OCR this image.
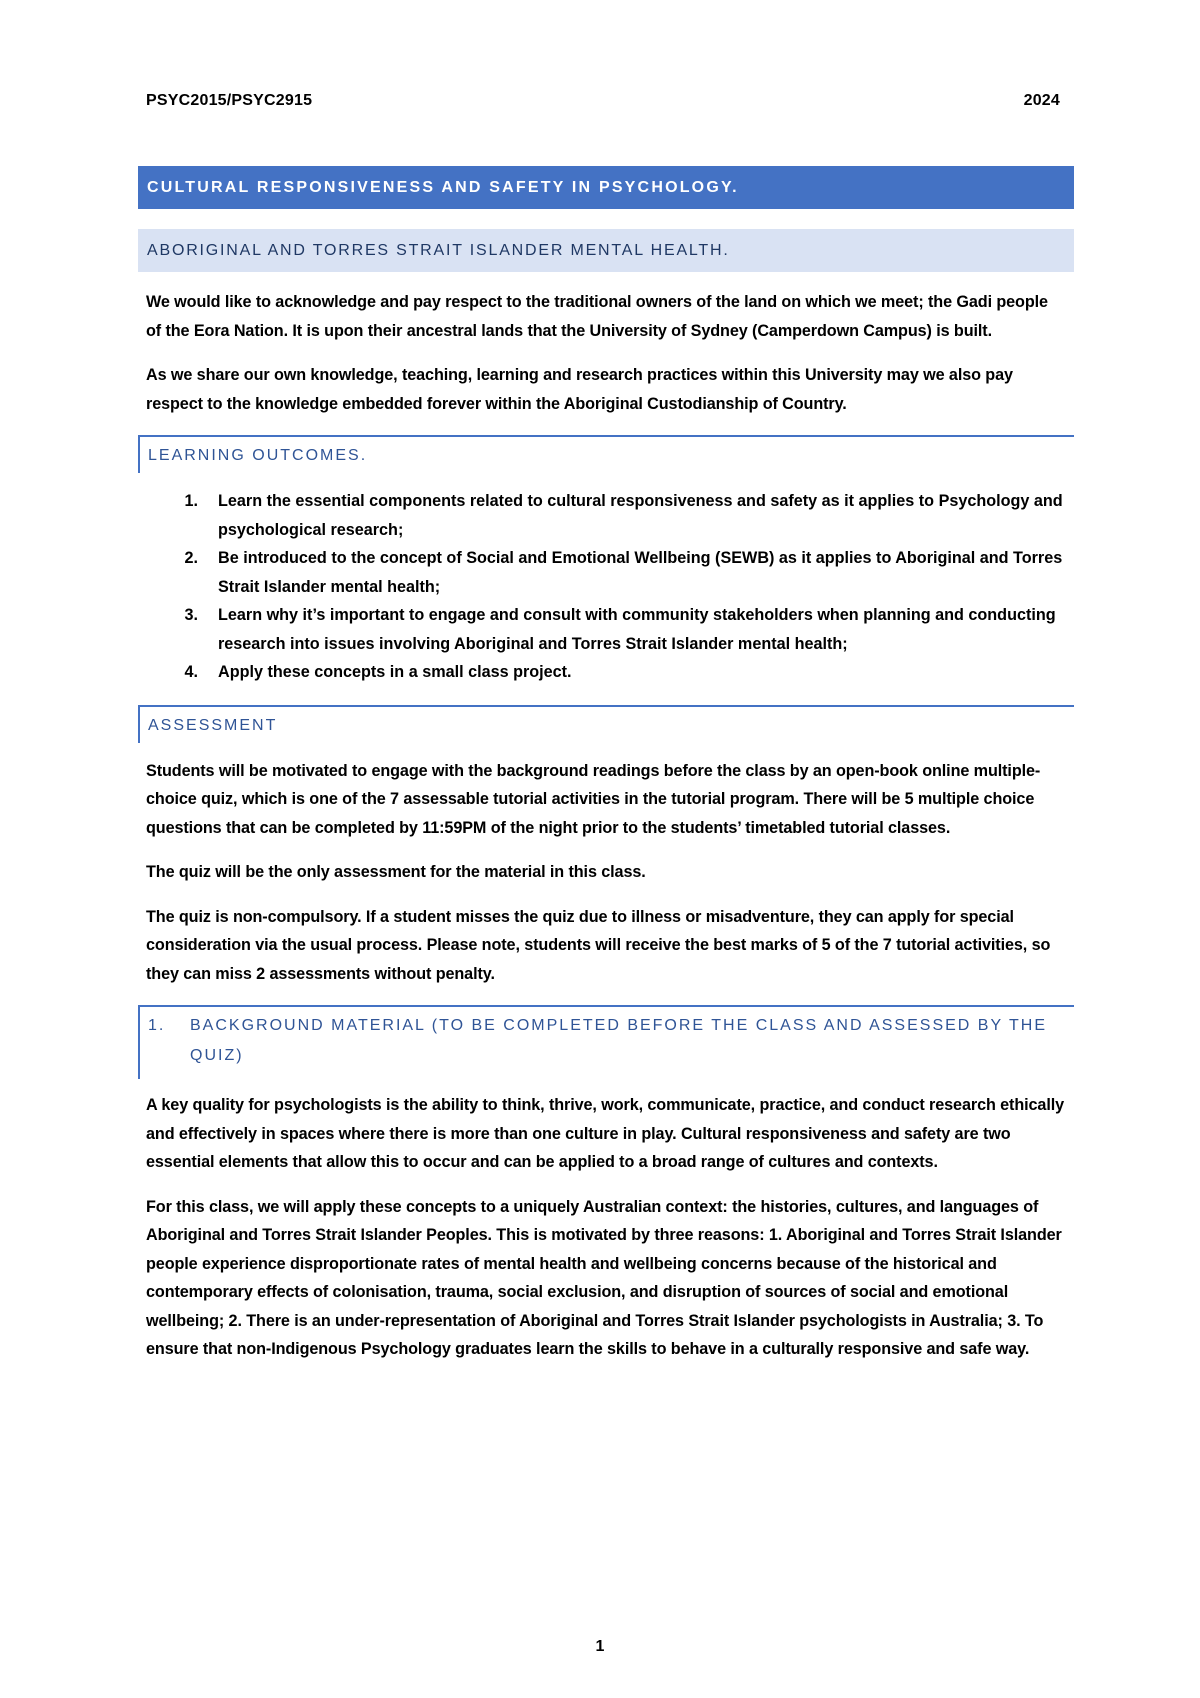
PSYC2015/PSYC2915	2024
CULTURAL RESPONSIVENESS AND SAFETY IN PSYCHOLOGY.
ABORIGINAL AND TORRES STRAIT ISLANDER MENTAL HEALTH.

We would like to acknowledge and pay respect to the traditional owners of the land on which we meet; the Gadi people of the Eora Nation. It is upon their ancestral lands that the University of Sydney (Camperdown Campus) is built.

As we share our own knowledge, teaching, learning and research practices within this University may we also pay respect to the knowledge embedded forever within the Aboriginal Custodianship of Country.

LEARNING OUTCOMES.
1.	Learn the essential components related to cultural responsiveness and safety as it applies to Psychology and psychological research;
2.	Be introduced to the concept of Social and Emotional Wellbeing (SEWB) as it applies to Aboriginal and Torres Strait Islander mental health;
3.	Learn why it’s important to engage and consult with community stakeholders when planning and conducting research into issues involving Aboriginal and Torres Strait Islander mental health;
4.	Apply these concepts in a small class project.
ASSESSMENT

Students will be motivated to engage with the background readings before the class by an open-book online multiple-choice quiz, which is one of the 7 assessable tutorial activities in the tutorial program. There will be 5 multiple choice questions that can be completed by 11:59PM of the night prior to the students’ timetabled tutorial classes.

The quiz will be the only assessment for the material in this class.

The quiz is non-compulsory. If a student misses the quiz due to illness or misadventure, they can apply for special consideration via the usual process. Please note, students will receive the best marks of 5 of the 7 tutorial activities, so they can miss 2 assessments without penalty.

1.	BACKGROUND MATERIAL (TO BE COMPLETED BEFORE THE CLASS AND ASSESSED BY THE QUIZ)

A key quality for psychologists is the ability to think, thrive, work, communicate, practice, and conduct research ethically and effectively in spaces where there is more than one culture in play. Cultural responsiveness and safety are two essential elements that allow this to occur and can be applied to a broad range of cultures and contexts.

For this class, we will apply these concepts to a uniquely Australian context: the histories, cultures, and languages of Aboriginal and Torres Strait Islander Peoples. This is motivated by three reasons: 1. Aboriginal and Torres Strait Islander people experience disproportionate rates of mental health and wellbeing concerns because of the historical and contemporary effects of colonisation, trauma, social exclusion, and disruption of sources of social and emotional wellbeing; 2. There is an under-representation of Aboriginal and Torres Strait Islander psychologists in Australia; 3. To ensure that non-Indigenous Psychology graduates learn the skills to behave in a culturally responsive and safe way.

1
